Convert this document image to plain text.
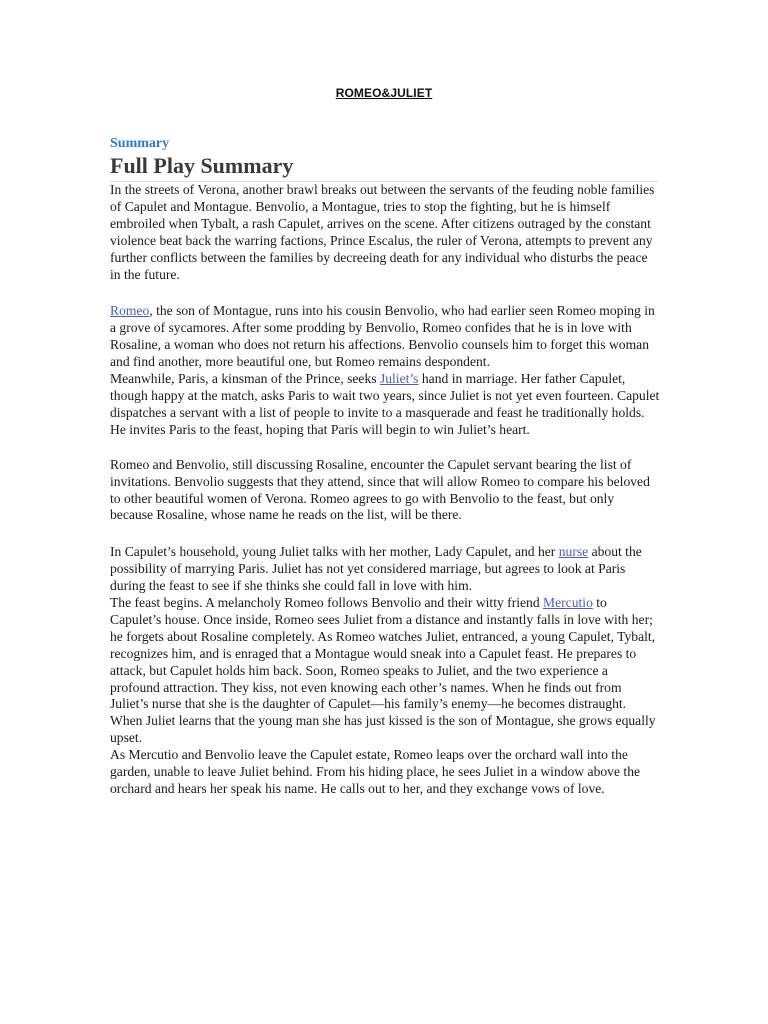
ROMEO&JULIET
Summary
Full Play Summary

In the streets of Verona, another brawl breaks out between the servants of the feuding noble families of Capulet and Montague. Benvolio, a Montague, tries to stop the fighting, but he is himself embroiled when Tybalt, a rash Capulet, arrives on the scene. After citizens outraged by the constant violence beat back the warring factions, Prince Escalus, the ruler of Verona, attempts to prevent any further conflicts between the families by decreeing death for any individual who disturbs the peace in the future.

Romeo, the son of Montague, runs into his cousin Benvolio, who had earlier seen Romeo moping in a grove of sycamores. After some prodding by Benvolio, Romeo confides that he is in love with Rosaline, a woman who does not return his affections. Benvolio counsels him to forget this woman and find another, more beautiful one, but Romeo remains despondent.

Meanwhile, Paris, a kinsman of the Prince, seeks Juliet’s hand in marriage. Her father Capulet, though happy at the match, asks Paris to wait two years, since Juliet is not yet even fourteen. Capulet dispatches a servant with a list of people to invite to a masquerade and feast he traditionally holds. He invites Paris to the feast, hoping that Paris will begin to win Juliet’s heart.

Romeo and Benvolio, still discussing Rosaline, encounter the Capulet servant bearing the list of invitations. Benvolio suggests that they attend, since that will allow Romeo to compare his beloved to other beautiful women of Verona. Romeo agrees to go with Benvolio to the feast, but only because Rosaline, whose name he reads on the list, will be there.

In Capulet’s household, young Juliet talks with her mother, Lady Capulet, and her nurse about the possibility of marrying Paris. Juliet has not yet considered marriage, but agrees to look at Paris during the feast to see if she thinks she could fall in love with him.

The feast begins. A melancholy Romeo follows Benvolio and their witty friend Mercutio to Capulet’s house. Once inside, Romeo sees Juliet from a distance and instantly falls in love with her; he forgets about Rosaline completely. As Romeo watches Juliet, entranced, a young Capulet, Tybalt, recognizes him, and is enraged that a Montague would sneak into a Capulet feast. He prepares to attack, but Capulet holds him back. Soon, Romeo speaks to Juliet, and the two experience a profound attraction. They kiss, not even knowing each other’s names. When he finds out from Juliet’s nurse that she is the daughter of Capulet—his family’s enemy—he becomes distraught. When Juliet learns that the young man she has just kissed is the son of Montague, she grows equally upset.

As Mercutio and Benvolio leave the Capulet estate, Romeo leaps over the orchard wall into the garden, unable to leave Juliet behind. From his hiding place, he sees Juliet in a window above the orchard and hears her speak his name. He calls out to her, and they exchange vows of love.
